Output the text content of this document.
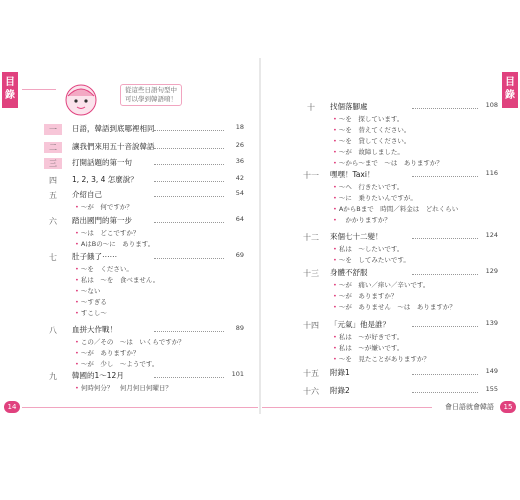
目錄
目錄
從這些日語句型中
可以學到韓語唷！
一	日語，韓語到底哪裡相同	18
二	讓我們來用五十音說韓語	26
三	打開話題的第一句	36
四	1, 2, 3, 4 怎麼說？	42
五	介紹自己	54
• ～が　何ですか？
六	踏出國門的第一步	64
• ～は　どこですか？
• AはBの～に　あります。
七	肚子餓了⋯⋯	69
• ～を　ください。
• 私は　～を　食べません。
• ～ない
• ～すぎる
• すこし～
八	血拼大作戰！	89
• この／その　～は　いくらですか？
• ～が　ありますか？
• ～が　少し　～ようです。
九	韓國的1～12月	101
• 何時何分？　何月何日何曜日？
十	找個落腳處	108
• ～を　探しています。
• ～を　替えてください。
• ～を　貸してください。
• ～が　故障しました。
• ～から～まで　～は　ありますか？
十一 嘿嘿！Taxi！	116
• ～へ　行きたいです。
• ～に　乗りたいんですが。
• AからBまで　時間／料金は　どれくらい
•　かかりますか？
十二 來個七十二變！	124
• 私は　～したいです。
• ～を　してみたいです。
十三 身體不舒服	129
• ～が　痛い／痒い／辛いです。
• ～が　ありますか？
• ～が　ありません　～は　ありますか？
十四 「元氣」他是誰？	139
• 私は　～が好きです。
• 私は　～が嫌いです。
• ～を　見たことがありますか？
十五 附錄1	149
十六 附錄2	155
14	會日語就會韓語	15
